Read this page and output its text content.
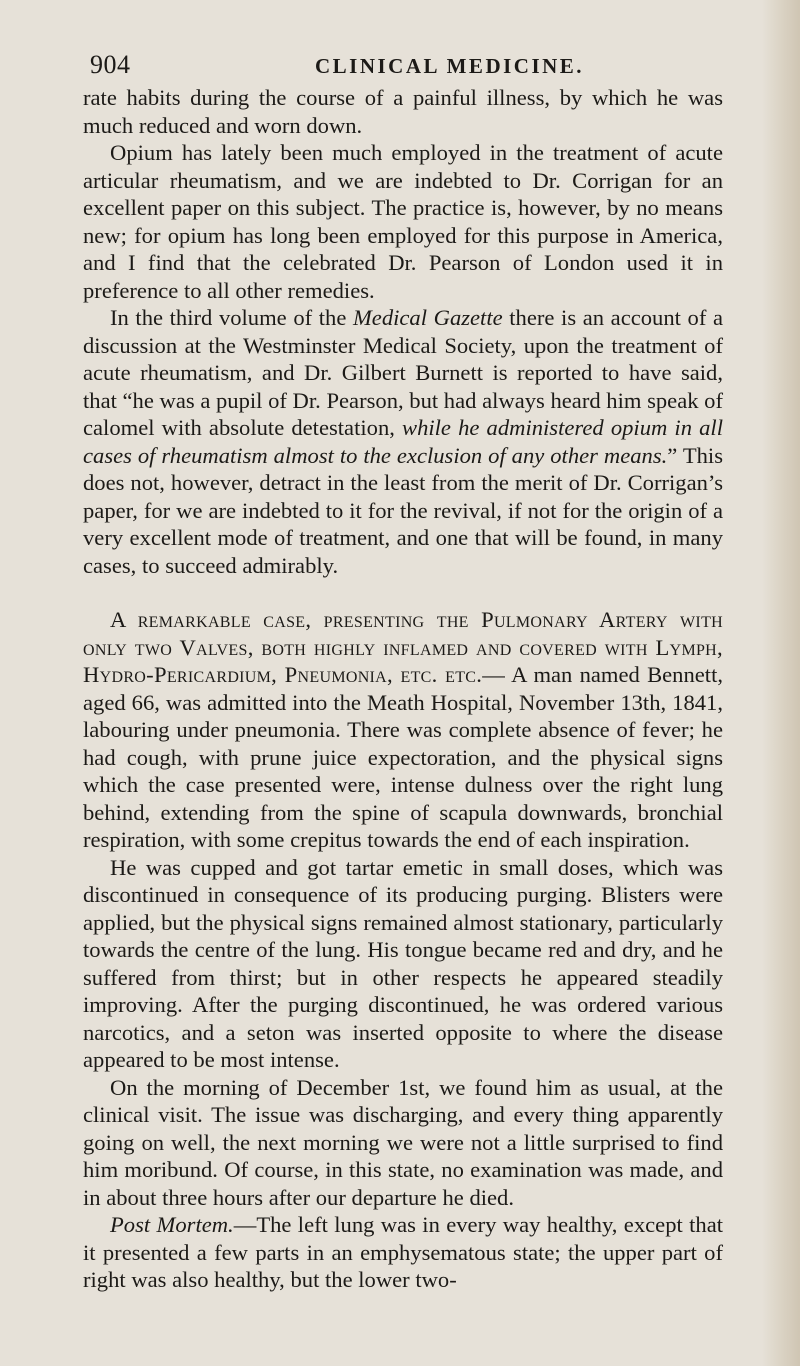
904	CLINICAL MEDICINE.

rate habits during the course of a painful illness, by which he was much reduced and worn down.

Opium has lately been much employed in the treatment of acute articular rheumatism, and we are indebted to Dr. Corrigan for an excellent paper on this subject. The practice is, however, by no means new; for opium has long been employed for this purpose in America, and I find that the celebrated Dr. Pearson of London used it in preference to all other remedies.

In the third volume of the Medical Gazette there is an account of a discussion at the Westminster Medical Society, upon the treatment of acute rheumatism, and Dr. Gilbert Burnett is reported to have said, that “he was a pupil of Dr. Pearson, but had always heard him speak of calomel with absolute detestation, while he administered opium in all cases of rheumatism almost to the exclusion of any other means.” This does not, however, detract in the least from the merit of Dr. Corrigan’s paper, for we are indebted to it for the revival, if not for the origin of a very excellent mode of treatment, and one that will be found, in many cases, to succeed admirably.

A remarkable case, presenting the Pulmonary Artery with only two Valves, both highly inflamed and covered with Lymph, Hydro-Pericardium, Pneumonia, etc. etc.— A man named Bennett, aged 66, was admitted into the Meath Hospital, November 13th, 1841, labouring under pneumonia. There was complete absence of fever; he had cough, with prune juice expectoration, and the physical signs which the case presented were, intense dulness over the right lung behind, extending from the spine of scapula downwards, bronchial respiration, with some crepitus towards the end of each inspiration.

He was cupped and got tartar emetic in small doses, which was discontinued in consequence of its producing purging. Blisters were applied, but the physical signs remained almost stationary, particularly towards the centre of the lung. His tongue became red and dry, and he suffered from thirst; but in other respects he appeared steadily improving. After the purging discontinued, he was ordered various narcotics, and a seton was inserted opposite to where the disease appeared to be most intense.

On the morning of December 1st, we found him as usual, at the clinical visit. The issue was discharging, and every thing apparently going on well, the next morning we were not a little surprised to find him moribund. Of course, in this state, no examination was made, and in about three hours after our departure he died.

Post Mortem.—The left lung was in every way healthy, except that it presented a few parts in an emphysematous state; the upper part of right was also healthy, but the lower two-
